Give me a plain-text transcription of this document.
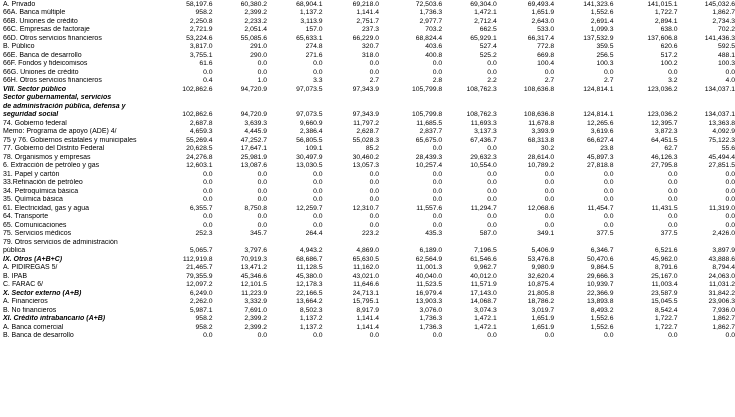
A. Privado	58,197.6	60,380.2	68,904.1	69,218.0	72,503.6	69,304.0	69,493.4	141,323.6	141,015.1	145,032.6
66A. Banca múltiple	958.2	2,399.2	1,137.2	1,141.4	1,736.3	1,472.1	1,651.9	1,552.6	1,722.7	1,862.7
66B. Uniones de crédito	2,250.8	2,233.2	3,113.9	2,751.7	2,977.7	2,712.4	2,643.0	2,691.4	2,894.1	2,734.3
66C. Empresas de factoraje	2,721.9	2,051.4	157.0	237.3	703.2	662.5	533.0	1,099.3	638.0	702.2
66D. Otros servicios financieros	53,224.6	55,085.6	65,633.1	66,229.0	68,824.4	65,929.1	66,317.4	137,532.9	137,606.8	141,436.3
B. Público	3,817.0	291.0	274.8	320.7	403.6	527.4	772.8	359.5	620.6	592.5
66E. Banca de desarrollo	3,755.1	290.0	271.6	318.0	400.8	525.2	669.8	256.5	517.2	488.1
66F. Fondos y fideicomisos	61.6	0.0	0.0	0.0	0.0	0.0	100.4	100.3	100.2	100.3
66G. Uniones de crédito	0.0	0.0	0.0	0.0	0.0	0.0	0.0	0.0	0.0	0.0
66H. Otros servicios financieros	0.4	1.0	3.3	2.7	2.8	2.2	2.7	2.7	3.2	4.0
VIII. Sector público	102,862.6	94,720.9	97,073.5	97,343.9	105,799.8	108,762.3	108,636.8	124,814.1	123,036.2	134,037.1
Sector gubernamental, servicios
de administración pública, defensa y
seguridad social	102,862.6	94,720.9	97,073.5	97,343.9	105,799.8	108,762.3	108,636.8	124,814.1	123,036.2	134,037.1
74. Gobierno federal	2,687.8	3,639.3	9,660.9	11,797.2	11,685.5	11,693.3	11,678.8	12,265.6	12,395.7	13,363.8
Memo: Programa de apoyo (ADE) 4/	4,659.3	4,445.9	2,386.4	2,628.7	2,837.7	3,137.3	3,393.9	3,619.6	3,872.3	4,092.9
75 y 76. Gobiernos estatales y municipales	55,269.4	47,252.7	56,805.5	55,028.3	65,675.0	67,436.7	68,313.8	66,627.4	64,451.5	75,122.3
77. Gobierno del Distrito Federal	20,628.5	17,647.1	109.1	85.2	0.0	0.0	30.2	23.8	62.7	55.6
78. Organismos y empresas	24,276.8	25,981.9	30,497.9	30,460.2	28,439.3	29,632.3	28,614.0	45,897.3	46,126.3	45,494.4
6. Extracción de petróleo y gas	12,603.1	13,087.6	13,030.5	13,057.3	10,257.4	10,554.0	10,789.2	27,818.8	27,795.8	27,851.5
31. Papel y cartón	0.0	0.0	0.0	0.0	0.0	0.0	0.0	0.0	0.0	0.0
33.Refinación de petróleo	0.0	0.0	0.0	0.0	0.0	0.0	0.0	0.0	0.0	0.0
34. Petroquímica básica	0.0	0.0	0.0	0.0	0.0	0.0	0.0	0.0	0.0	0.0
35. Química básica	0.0	0.0	0.0	0.0	0.0	0.0	0.0	0.0	0.0	0.0
61. Electricidad, gas y agua	6,355.7	8,750.8	12,259.7	12,310.7	11,557.6	11,294.7	12,068.6	11,454.7	11,431.5	11,319.0
64. Transporte	0.0	0.0	0.0	0.0	0.0	0.0	0.0	0.0	0.0	0.0
65. Comunicaciones	0.0	0.0	0.0	0.0	0.0	0.0	0.0	0.0	0.0	0.0
75. Servicios médicos	252.3	345.7	264.4	223.2	435.3	587.0	349.1	377.5	377.5	2,426.0
79. Otros servicios de administración
pública	5,065.7	3,797.6	4,943.2	4,869.0	6,189.0	7,196.5	5,406.9	6,346.7	6,521.6	3,897.9
IX. Otros (A+B+C)	112,919.8	70,919.3	68,686.7	65,630.5	62,564.9	61,546.6	53,476.8	50,470.6	45,962.0	43,888.6
A. PIDIREGAS 5/	21,465.7	13,471.2	11,128.5	11,162.0	11,001.3	9,962.7	9,980.9	9,864.5	8,791.6	8,794.4
B. IPAB	79,355.9	45,346.6	45,380.0	43,021.0	40,040.0	40,012.0	32,620.4	29,666.3	25,167.0	24,063.0
C. FARAC 6/	12,097.2	12,101.5	12,178.3	11,646.6	11,523.5	11,571.9	10,875.4	10,939.7	11,003.4	11,031.2
X. Sector externo (A+B)	6,249.0	11,223.9	22,166.5	24,713.1	16,979.4	17,143.0	21,805.8	22,366.9	23,587.9	31,842.2
A. Financieros	2,262.0	3,332.9	13,664.2	15,795.1	13,903.3	14,068.7	18,786.2	13,893.8	15,045.5	23,906.3
B. No financieros	5,987.1	7,691.0	8,502.3	8,917.9	3,076.0	3,074.3	3,019.7	8,493.2	8,542.4	7,936.0
XI. Crédito intrabancario (A+B)	958.2	2,399.2	1,137.2	1,141.4	1,736.3	1,472.1	1,651.9	1,552.6	1,722.7	1,862.7
A. Banca comercial	958.2	2,399.2	1,137.2	1,141.4	1,736.3	1,472.1	1,651.9	1,552.6	1,722.7	1,862.7
B. Banca de desarrollo	0.0	0.0	0.0	0.0	0.0	0.0	0.0	0.0	0.0	0.0
